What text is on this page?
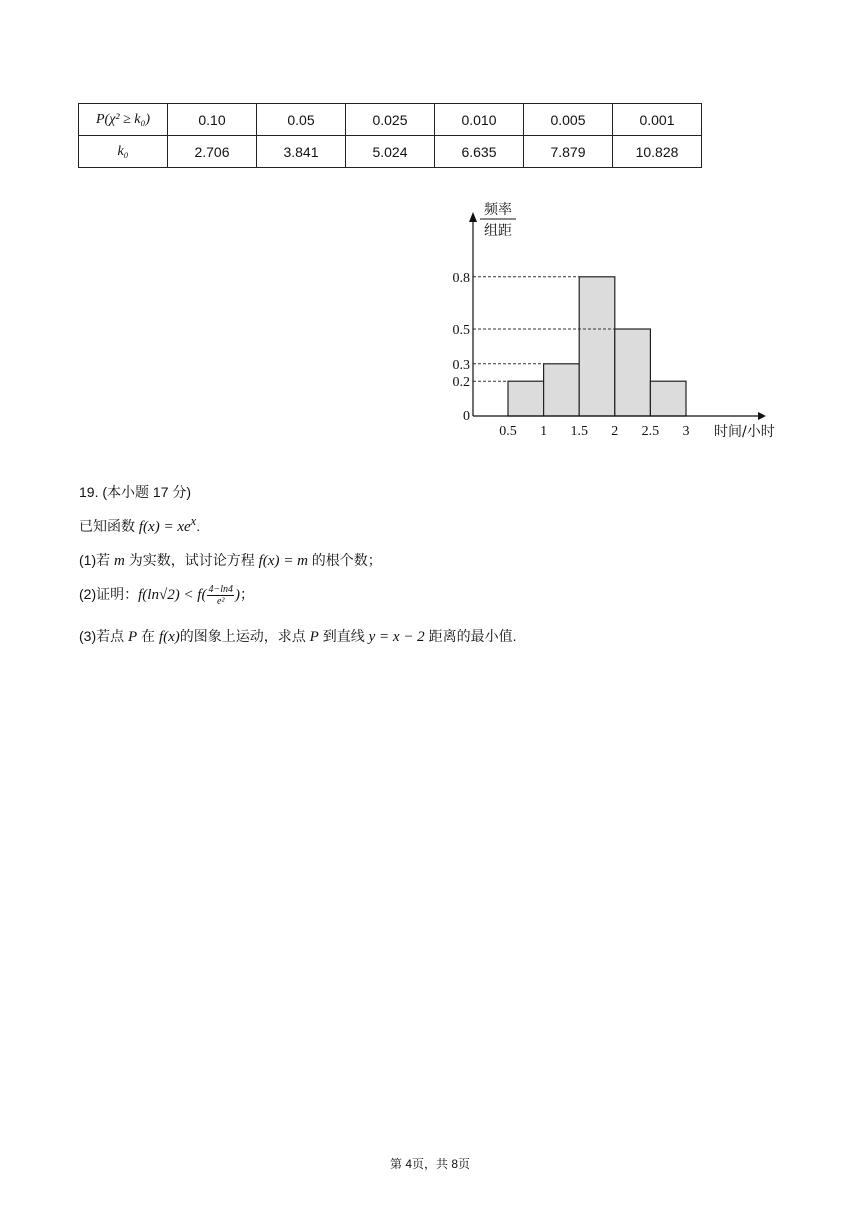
P(χ² ≥ k₀)	0.10	0.05	0.025	0.010	0.005	0.001
k₀	2.706	3.841	5.024	6.635	7.879	10.828
0
0.2
0.3
0.5
0.8
0.5 1 1.5 2 2.5 3 时间/小时
频率
组距
19. (本小题 17 分)
已知函数 $f(x) = xe^x$.
(1)若 m 为实数，试讨论方程 f(x) = m 的根个数；
(2)证明：$f(\ln√2) < f( \frac{4-\ln 4}{\text{e²}}$ )；
(3)若点 P 在 f(x)的图象上运动，求点 P 到直线 y = x − 2 距离的最小值.
第 4页，共 8页
